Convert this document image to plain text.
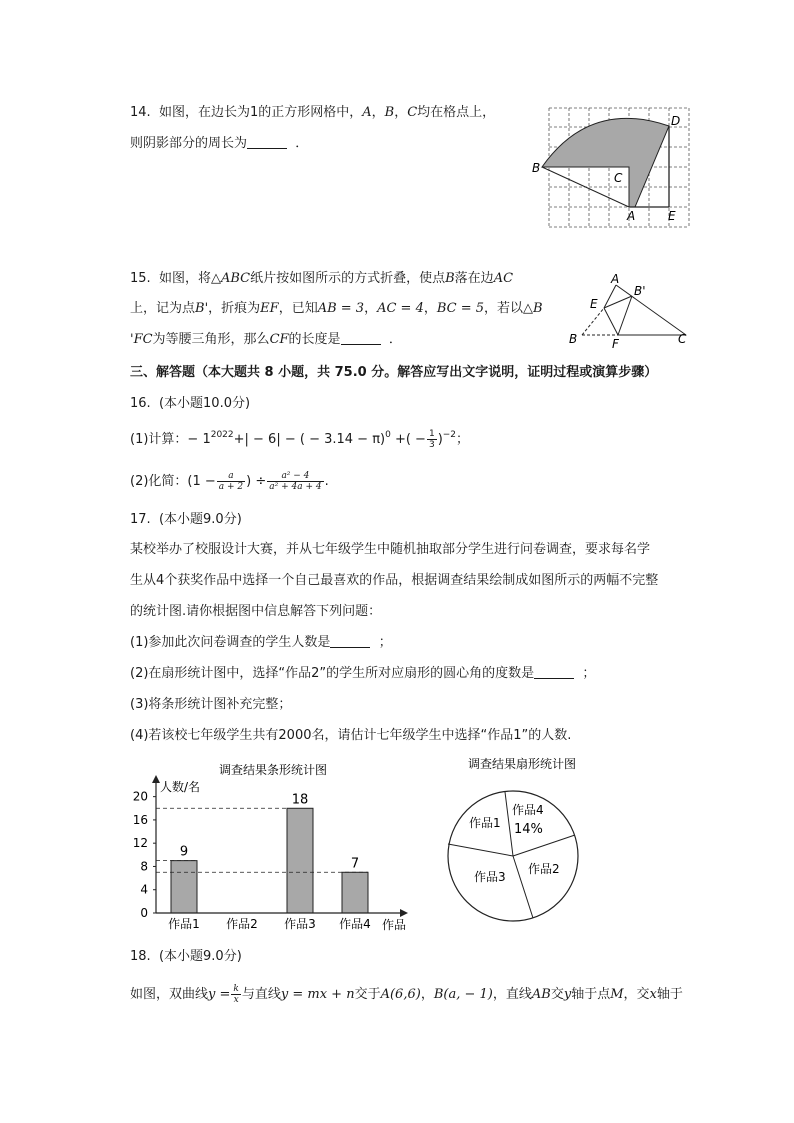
14. 如图，在边长为1的正方形网格中，A，B，C均在格点上，
则阴影部分的周长为	．
B
C
D
A	E
15. 如图，将△ABC纸片按如图所示的方式折叠，使点B落在边AC
上，记为点B'，折痕为EF，已知AB = 3，AC = 4，BC = 5，若以△B
'FC为等腰三角形，那么CF的长度是	．
A
B'
E
B	F	C
三、解答题（本大题共 8 小题，共 75.0 分。解答应写出文字说明，证明过程或演算步骤）
16. (本小题10.0分)
(1)计算：− $1^{2022}+| - 6|$ − ( − 3.14 − π)$^0$ +( − $\frac{1}{3} )^{-2}$；
(2)化简：($1 - \frac{a}{a + 2}$ ) ÷ $\frac{\text{a² − 4}}{\text{a² + 4a + 4}}$ .
17. (本小题9.0分)
某校举办了校服设计大赛，并从七年级学生中随机抽取部分学生进行问卷调查，要求每名学
生从4个获奖作品中选择一个自己最喜欢的作品，根据调查结果绘制成如图所示的两幅不完整
的统计图.请你根据图中信息解答下列问题：
(1)参加此次问卷调查的学生人数是	；
(2)在扇形统计图中，选择“作品2”的学生所对应扇形的圆心角的度数是	；
(3)将条形统计图补充完整；
(4)若该校七年级学生共有2000名，请估计七年级学生中选择“作品1”的人数.
调查结果条形统计图
人数/名
0
4
8
12
16
20
作品1
9
作品2 作品3
18
作品4
7
作品
调查结果扇形统计图
作品1
作品4
14%
作品2
作品3
18. (本小题9.0分)
如图，双曲线$y = \frac{k}{x}$ 与直线y = mx + n交于A(6,6)，B(a, − 1)，直线AB交y轴于点M，交x轴于
